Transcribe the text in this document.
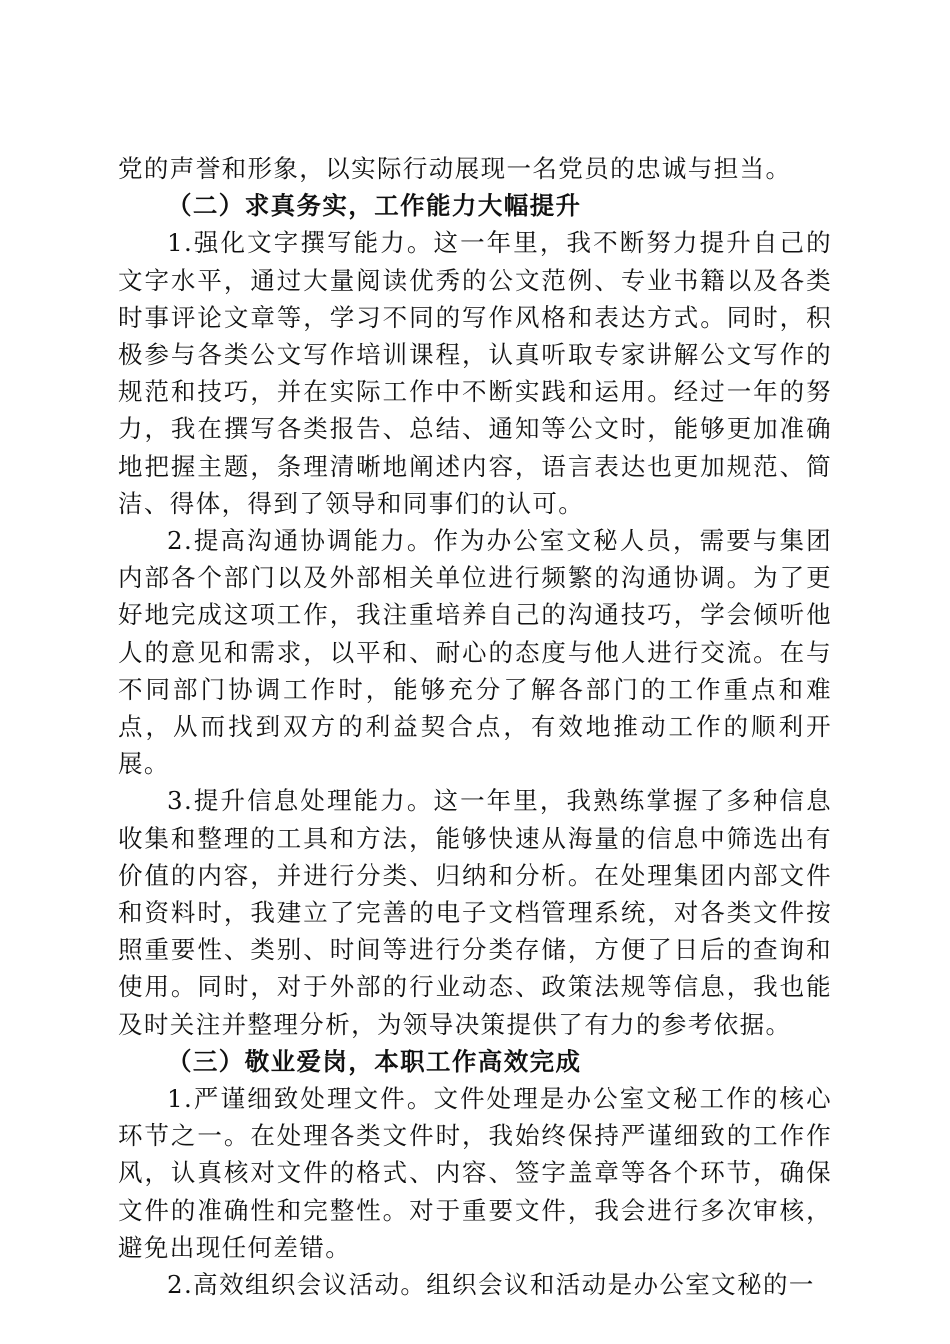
党的声誉和形象，以实际行动展现一名党员的忠诚与担当。

（二）求真务实，工作能力大幅提升

1.强化文字撰写能力。这一年里，我不断努力提升自己的文字水平，通过大量阅读优秀的公文范例、专业书籍以及各类时事评论文章等，学习不同的写作风格和表达方式。同时，积极参与各类公文写作培训课程，认真听取专家讲解公文写作的规范和技巧，并在实际工作中不断实践和运用。经过一年的努力，我在撰写各类报告、总结、通知等公文时，能够更加准确地把握主题，条理清晰地阐述内容，语言表达也更加规范、简洁、得体，得到了领导和同事们的认可。

2.提高沟通协调能力。作为办公室文秘人员，需要与集团内部各个部门以及外部相关单位进行频繁的沟通协调。为了更好地完成这项工作，我注重培养自己的沟通技巧，学会倾听他人的意见和需求，以平和、耐心的态度与他人进行交流。在与不同部门协调工作时，能够充分了解各部门的工作重点和难点，从而找到双方的利益契合点，有效地推动工作的顺利开展。

3.提升信息处理能力。这一年里，我熟练掌握了多种信息收集和整理的工具和方法，能够快速从海量的信息中筛选出有价值的内容，并进行分类、归纳和分析。在处理集团内部文件和资料时，我建立了完善的电子文档管理系统，对各类文件按照重要性、类别、时间等进行分类存储，方便了日后的查询和使用。同时，对于外部的行业动态、政策法规等信息，我也能及时关注并整理分析，为领导决策提供了有力的参考依据。

（三）敬业爱岗，本职工作高效完成

1.严谨细致处理文件。文件处理是办公室文秘工作的核心环节之一。在处理各类文件时，我始终保持严谨细致的工作作风，认真核对文件的格式、内容、签字盖章等各个环节，确保文件的准确性和完整性。对于重要文件，我会进行多次审核，避免出现任何差错。

2.高效组织会议活动。组织会议和活动是办公室文秘的一
